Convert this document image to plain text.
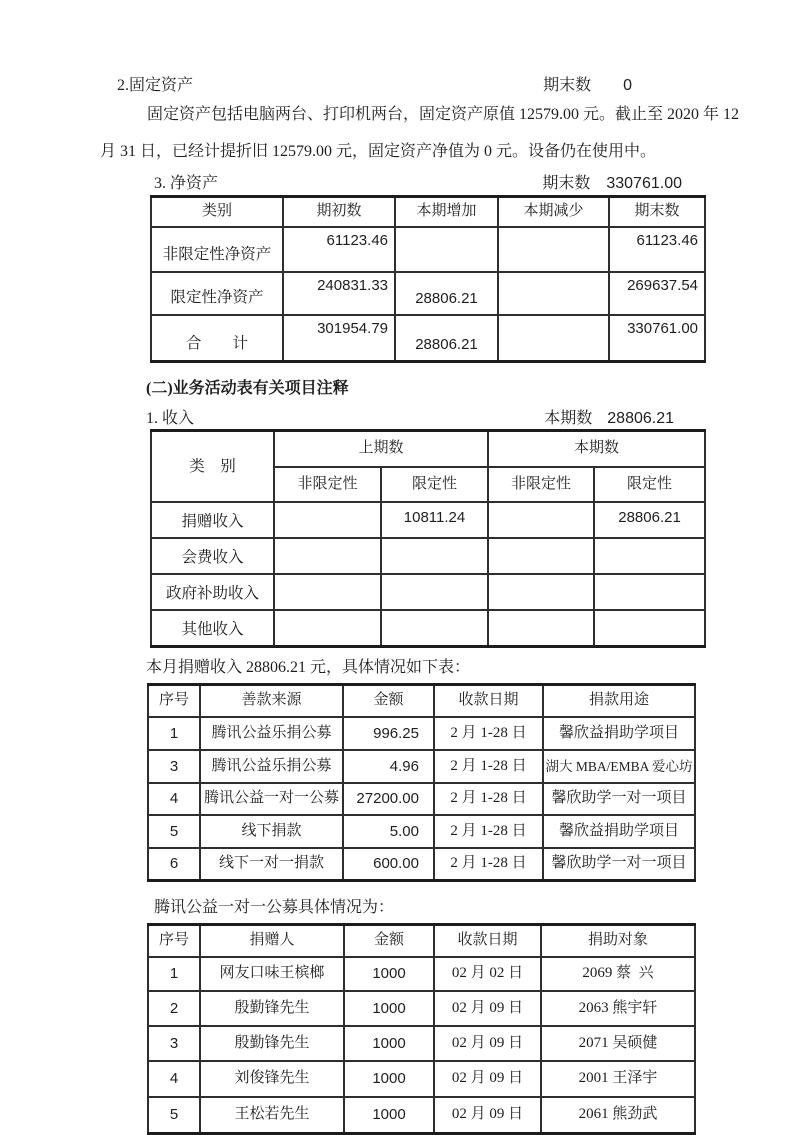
2.固定资产	期末数 0
固定资产包括电脑两台、打印机两台，固定资产原值 12579.00 元。截止至 2020 年 12
月 31 日，已经计提折旧 12579.00 元，固定资产净值为 0 元。设备仍在使用中。
3. 净资产	期末数 330761.00
类别	期初数	本期增加	本期减少	期末数
非限定性净资产	61123.46			61123.46
限定性净资产	240831.33	28806.21		269637.54
合　　计	301954.79	28806.21		330761.00
(二)业务活动表有关项目注释
1. 收入	本期数 28806.21
类　别	上期数		本期数	
	非限定性	限定性	非限定性	限定性
捐赠收入		10811.24		28806.21
会费收入				
政府补助收入				
其他收入				
本月捐赠收入 28806.21 元，具体情况如下表：
序号	善款来源	金额	收款日期	捐款用途
1	腾讯公益乐捐公募	996.25	2 月 1-28 日	馨欣益捐助学项目
3	腾讯公益乐捐公募	4.96	2 月 1-28 日	湖大 MBA/EMBA 爱心坊
4	腾讯公益一对一公募	27200.00	2 月 1-28 日	馨欣助学一对一项目
5	线下捐款	5.00	2 月 1-28 日	馨欣益捐助学项目
6	线下一对一捐款	600.00	2 月 1-28 日	馨欣助学一对一项目
腾讯公益一对一公募具体情况为：
序号	捐赠人	金额	收款日期	捐助对象
1	网友口味王槟榔	1000	02 月 02 日	2069 蔡  兴
2	殷勤锋先生	1000	02 月 09 日	2063 熊宇轩
3	殷勤锋先生	1000	02 月 09 日	2071 吴硕健
4	刘俊锋先生	1000	02 月 09 日	2001 王泽宇
5	王松若先生	1000	02 月 09 日	2061 熊劲武
